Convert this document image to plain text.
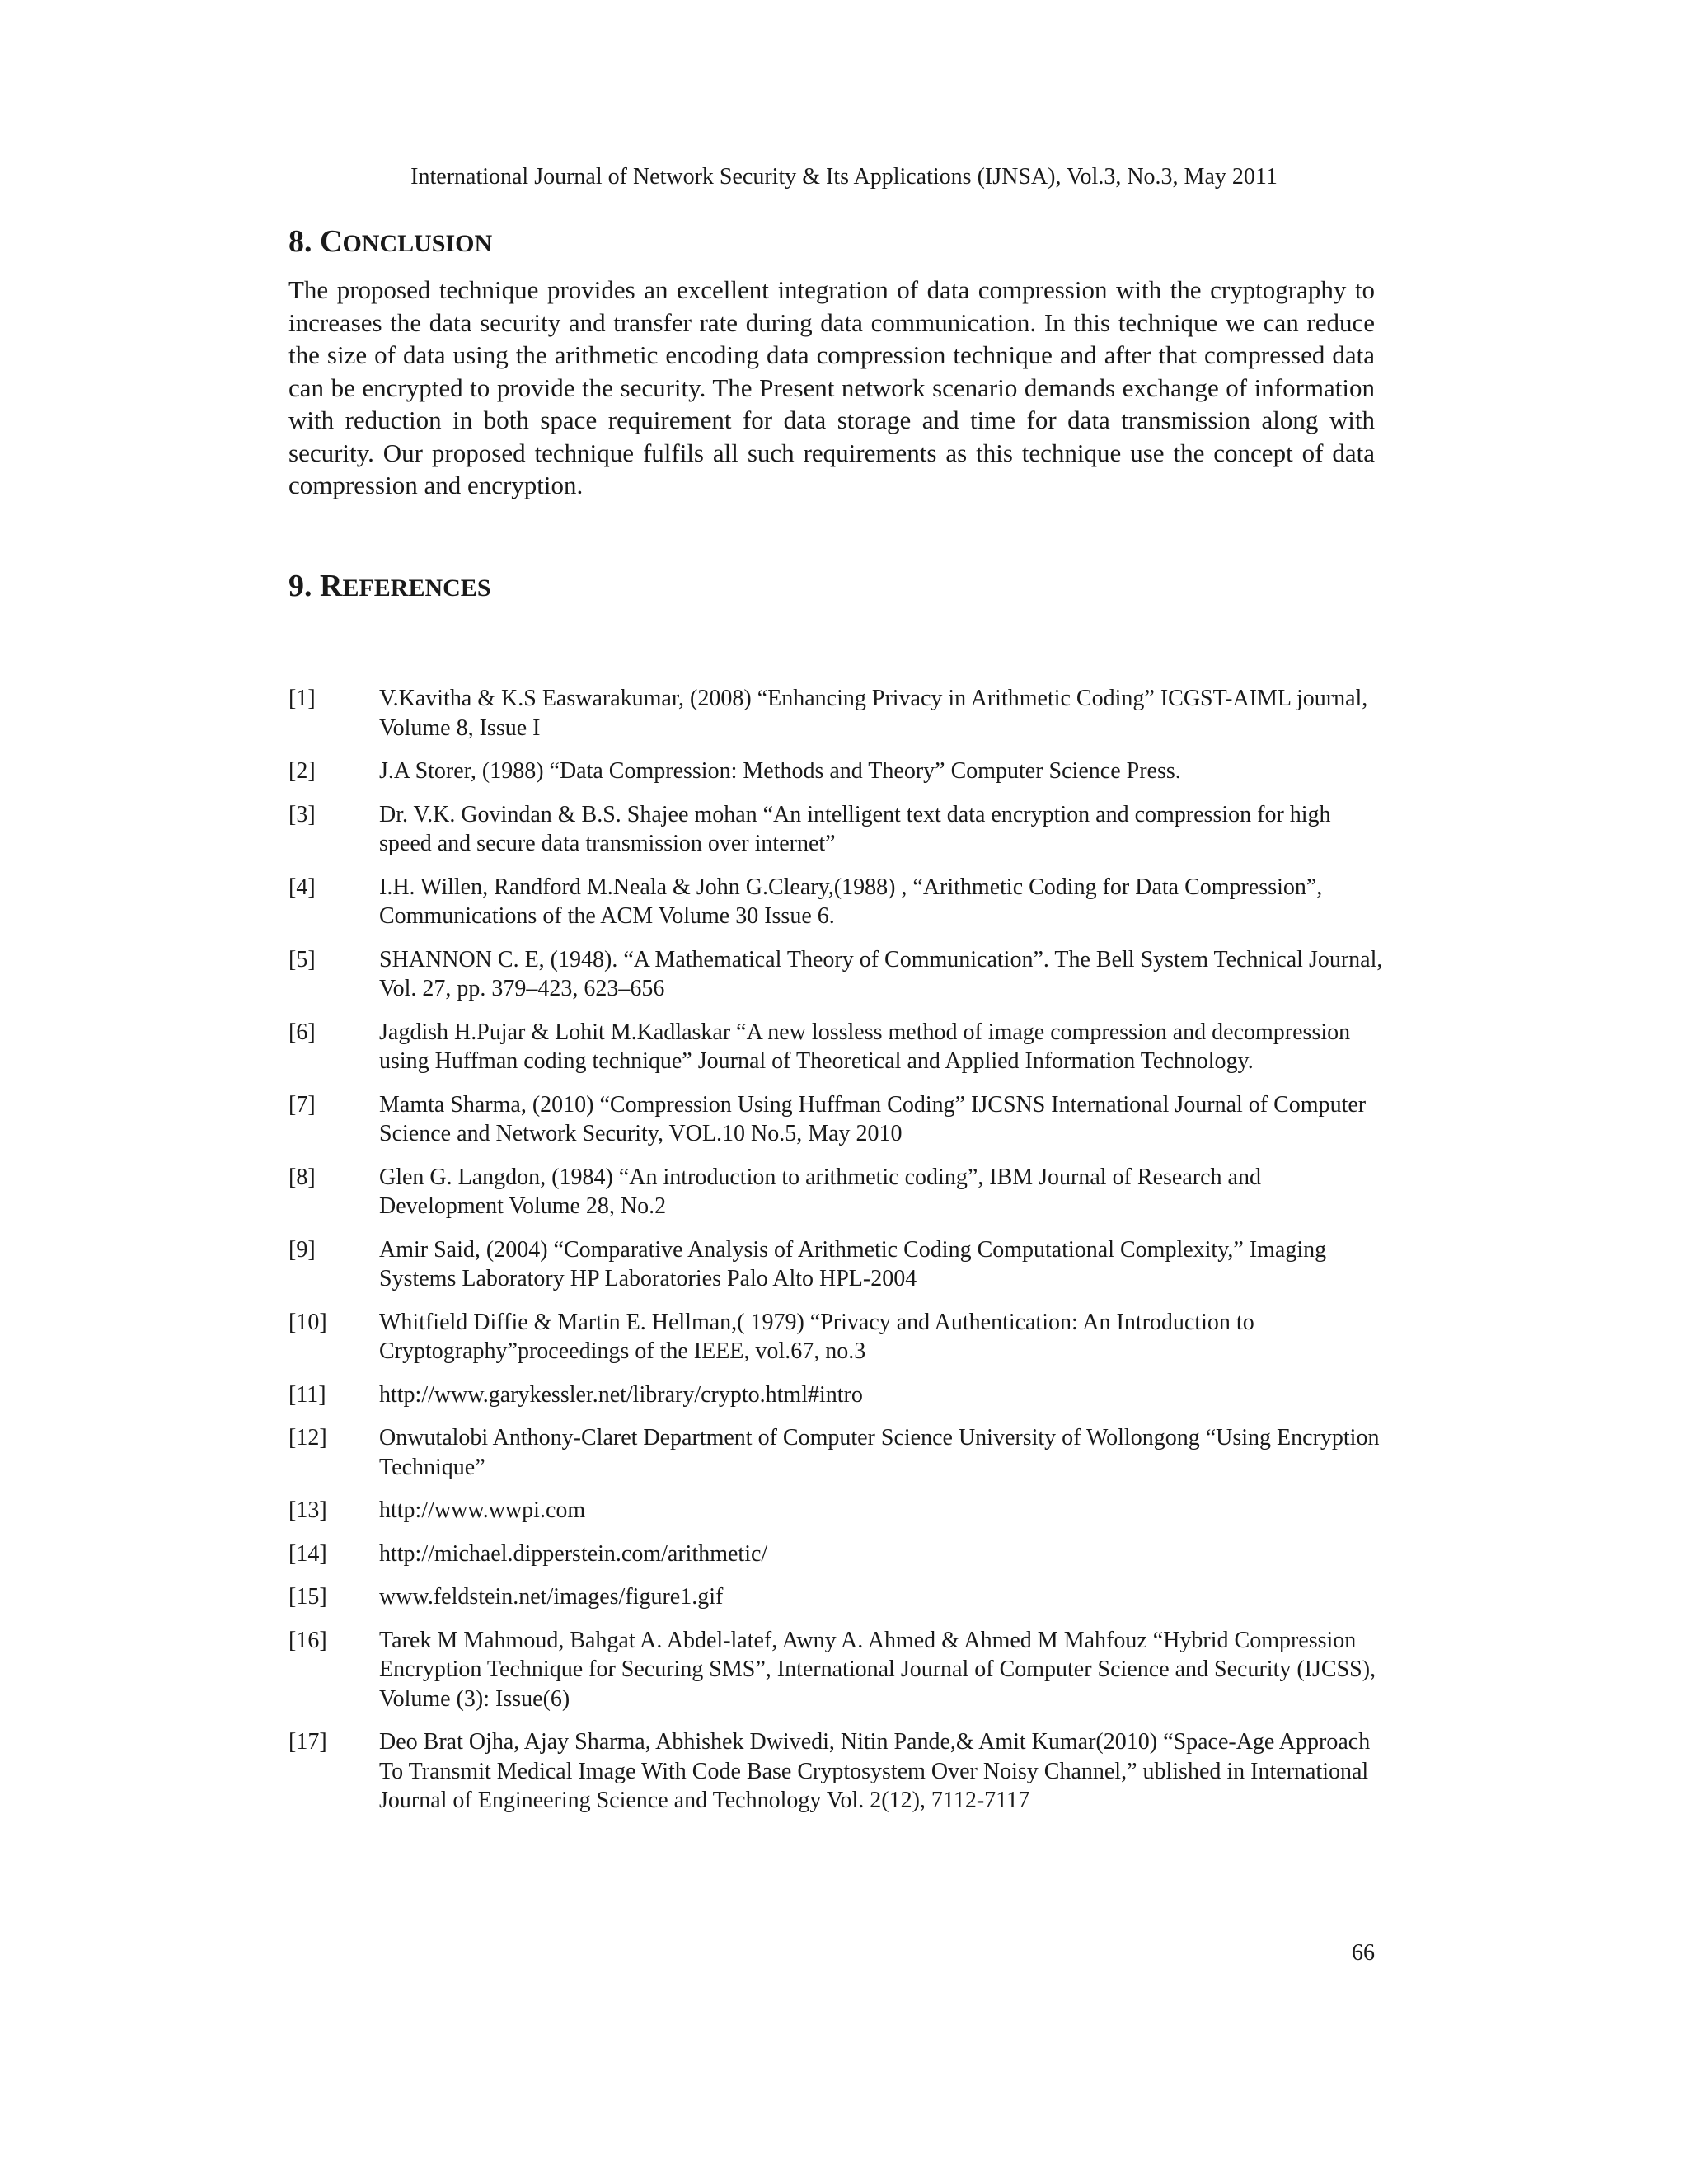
International Journal of Network Security & Its Applications (IJNSA), Vol.3, No.3, May 2011
8. CONCLUSION

The proposed technique provides an excellent integration of data compression with the cryptography to increases the data security and transfer rate during data communication. In this technique we can reduce the size of data using the arithmetic encoding data compression technique and after that compressed data can be encrypted to provide the security. The Present network scenario demands exchange of information with reduction in both space requirement for data storage and time for data transmission along with security. Our proposed technique fulfils all such requirements as this technique use the concept of data compression and encryption.

9. REFERENCES
[1]	V.Kavitha & K.S Easwarakumar, (2008) “Enhancing Privacy in Arithmetic Coding” ICGST-AIML journal, Volume 8, Issue I
[2]	J.A Storer, (1988) “Data Compression: Methods and Theory” Computer Science Press.
[3]	Dr. V.K. Govindan & B.S. Shajee mohan “An intelligent text data encryption and compression for high speed and secure data transmission over internet”
[4]	I.H. Willen, Randford M.Neala & John G.Cleary,(1988) , “Arithmetic Coding for Data Compression”, Communications of the ACM Volume 30 Issue 6.
[5]	SHANNON C. E, (1948). “A Mathematical Theory of Communication”. The Bell System Technical Journal, Vol. 27, pp. 379–423, 623–656
[6]	Jagdish H.Pujar & Lohit M.Kadlaskar “A new lossless method of image compression and decompression using Huffman coding technique” Journal of Theoretical and Applied Information Technology.
[7]	Mamta Sharma, (2010) “Compression Using Huffman Coding” IJCSNS International Journal of Computer Science and Network Security, VOL.10 No.5, May 2010
[8]	Glen G. Langdon, (1984) “An introduction to arithmetic coding”, IBM Journal of Research and Development Volume 28, No.2
[9]	Amir Said, (2004) “Comparative Analysis of Arithmetic Coding Computational Complexity,” Imaging Systems Laboratory HP Laboratories Palo Alto HPL-2004
[10] Whitfield Diffie & Martin E. Hellman,( 1979) “Privacy and Authentication: An Introduction to Cryptography”proceedings of the IEEE, vol.67, no.3
[11] http://www.garykessler.net/library/crypto.html#intro
[12] Onwutalobi Anthony-Claret Department of Computer Science University of Wollongong “Using Encryption Technique”
[13] http://www.wwpi.com
[14] http://michael.dipperstein.com/arithmetic/
[15] www.feldstein.net/images/figure1.gif
[16] Tarek M Mahmoud, Bahgat A. Abdel-latef, Awny A. Ahmed & Ahmed M Mahfouz “Hybrid Compression Encryption Technique for Securing SMS”, International Journal of Computer Science and Security (IJCSS), Volume (3): Issue(6)
[17] Deo Brat Ojha, Ajay Sharma, Abhishek Dwivedi, Nitin Pande,& Amit Kumar(2010) “Space-Age Approach To Transmit Medical Image With Code Base Cryptosystem Over Noisy Channel,” ublished in International Journal of Engineering Science and Technology Vol. 2(12), 7112-7117
66
